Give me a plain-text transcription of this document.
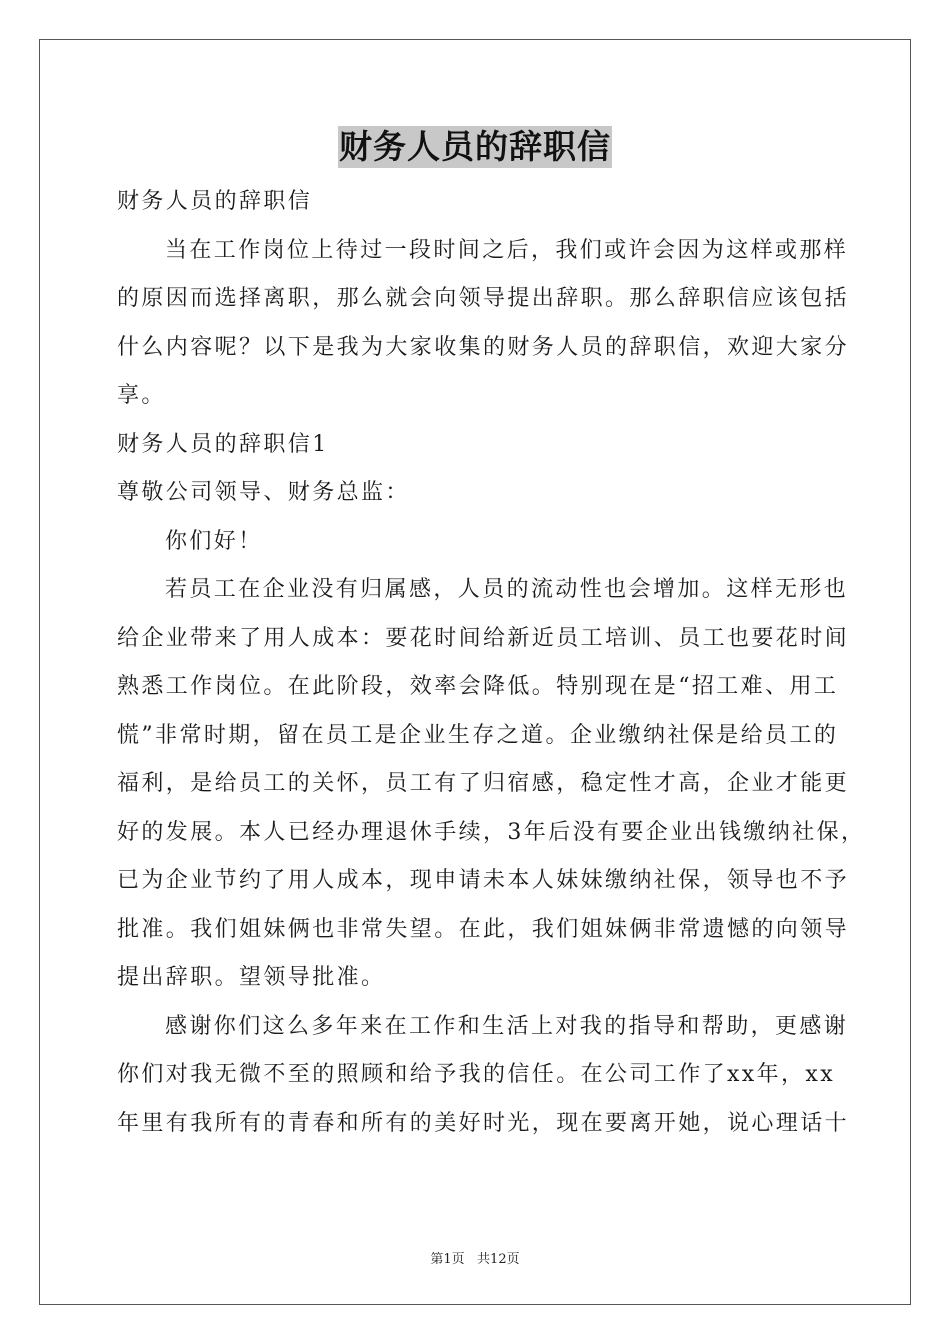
财务人员的辞职信

财务人员的辞职信

当在工作岗位上待过一段时间之后，我们或许会因为这样或那样

的原因而选择离职，那么就会向领导提出辞职。那么辞职信应该包括

什么内容呢？以下是我为大家收集的财务人员的辞职信，欢迎大家分

享。

财务人员的辞职信1

尊敬公司领导、财务总监：

你们好！

若员工在企业没有归属感，人员的流动性也会增加。这样无形也

给企业带来了用人成本：要花时间给新近员工培训、员工也要花时间

熟悉工作岗位。在此阶段，效率会降低。特别现在是“招工难、用工

慌”非常时期，留在员工是企业生存之道。企业缴纳社保是给员工的

福利，是给员工的关怀，员工有了归宿感，稳定性才高，企业才能更

好的发展。本人已经办理退休手续，3年后没有要企业出钱缴纳社保，

已为企业节约了用人成本，现申请未本人妹妹缴纳社保，领导也不予

批准。我们姐妹俩也非常失望。在此，我们姐妹俩非常遗憾的向领导

提出辞职。望领导批准。

感谢你们这么多年来在工作和生活上对我的指导和帮助，更感谢

你们对我无微不至的照顾和给予我的信任。在公司工作了xx年，xx

年里有我所有的青春和所有的美好时光，现在要离开她，说心理话十

第1页   共12页
